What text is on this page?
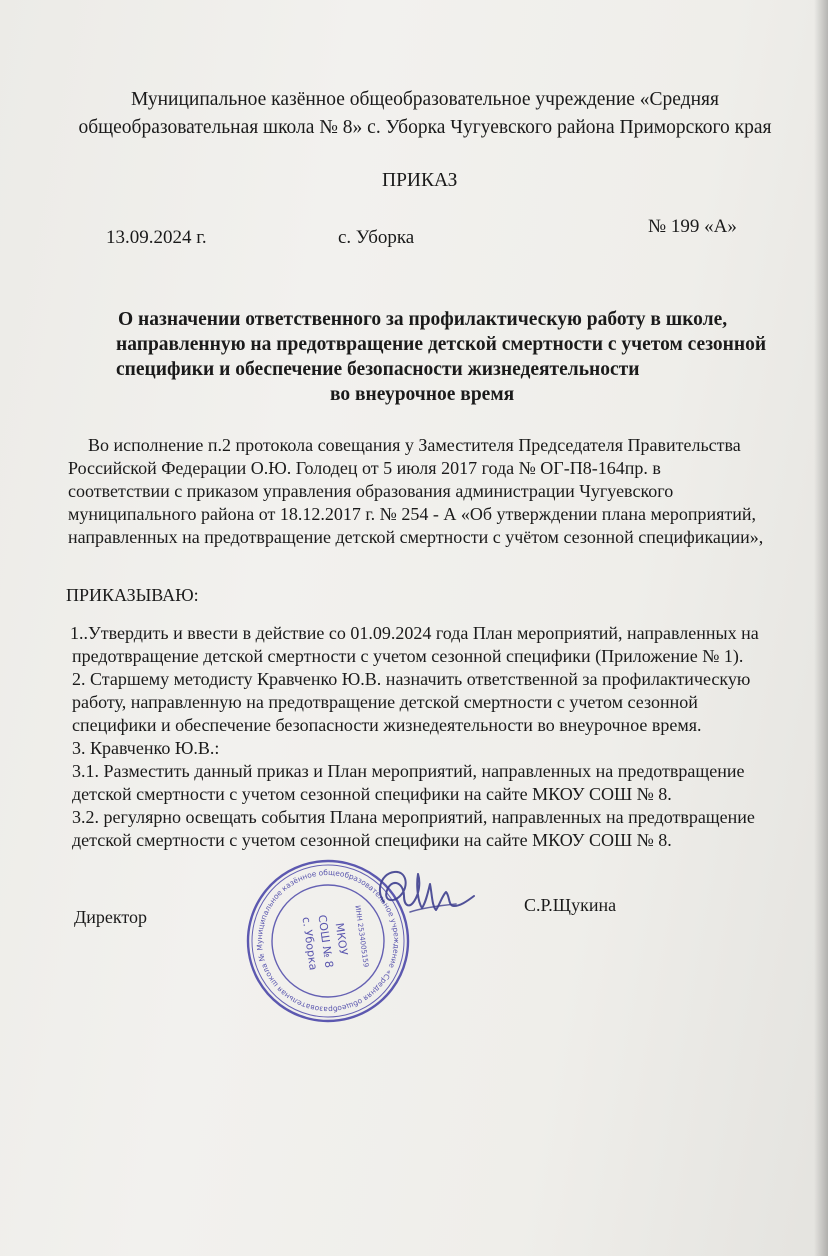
Муниципальное казённое общеобразовательное учреждение «Средняя
общеобразовательная школа № 8» с. Уборка Чугуевского района Приморского края
ПРИКАЗ
13.09.2024 г.	с. Уборка
№ 199 «А»
О назначении ответственного за профилактическую работу в школе,
направленную на предотвращение детской смертности с учетом сезонной
специфики и обеспечение безопасности жизнедеятельности
во внеурочное время
Во исполнение п.2 протокола совещания у Заместителя Председателя Правительства
Российской Федерации О.Ю. Голодец от 5 июля 2017 года № ОГ-П8-164пр. в
соответствии с приказом управления образования администрации Чугуевского
муниципального района от 18.12.2017 г. № 254 - А «Об утверждении плана мероприятий,
направленных на предотвращение детской смертности с учётом сезонной спецификации»,
ПРИКАЗЫВАЮ:
1..Утвердить и ввести в действие со 01.09.2024 года План мероприятий, направленных на
предотвращение детской смертности с учетом сезонной специфики (Приложение № 1).
2. Старшему методисту Кравченко Ю.В. назначить ответственной за профилактическую
работу, направленную на предотвращение детской смертности с учетом сезонной
специфики и обеспечение безопасности жизнедеятельности во внеурочное время.
3. Кравченко Ю.В.:
3.1. Разместить данный приказ и План мероприятий, направленных на предотвращение
детской смертности с учетом сезонной специфики на сайте МКОУ СОШ № 8.
3.2. регулярно освещать события Плана мероприятий, направленных на предотвращение
детской смертности с учетом сезонной специфики на сайте МКОУ СОШ № 8.
Директор
С.Р.Щукина
Муниципальное казённое общеобразовательное учреждение «Средняя общеобразовательная школа № 8» с. Уборка Чугуевского района Приморского края
ИНН 2534005159
МКОУ
СОШ № 8
с. Уборка
